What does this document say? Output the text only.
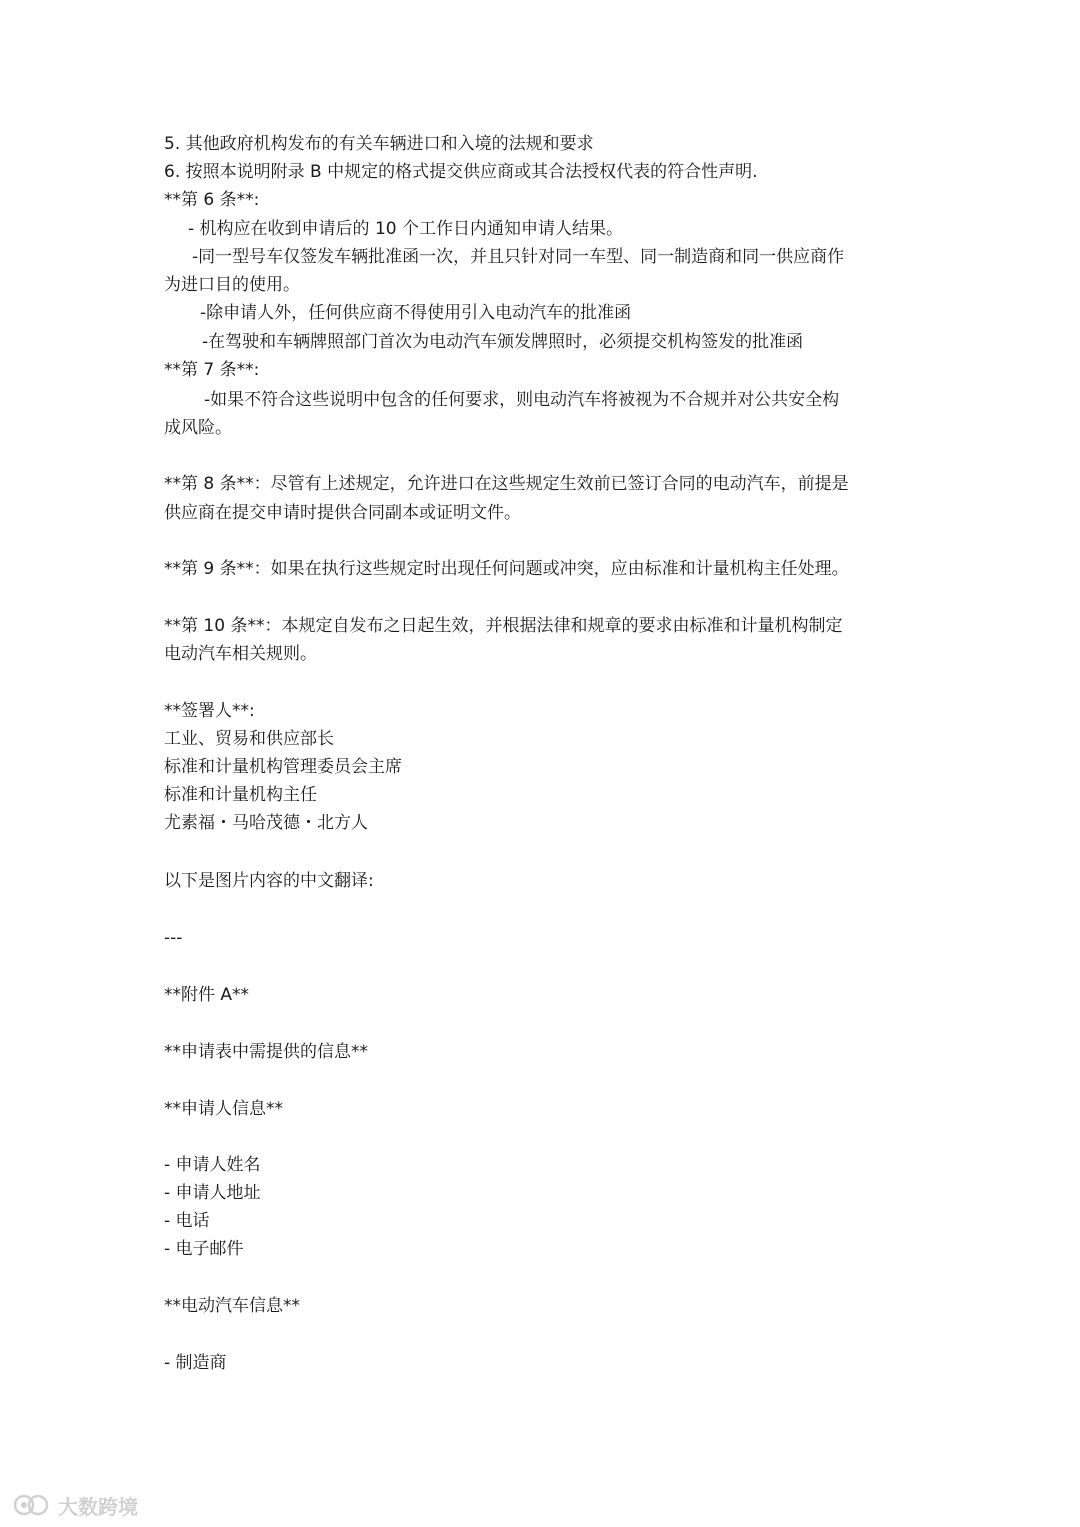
5. 其他政府机构发布的有关车辆进口和入境的法规和要求
6. 按照本说明附录 B 中规定的格式提交供应商或其合法授权代表的符合性声明.
**第 6 条**:
- 机构应在收到申请后的 10 个工作日内通知申请人结果。
-同一型号车仅签发车辆批准函一次，并且只针对同一车型、同一制造商和同一供应商作
为进口目的使用。
-除申请人外，任何供应商不得使用引入电动汽车的批准函
-在驾驶和车辆牌照部门首次为电动汽车颁发牌照时，必须提交机构签发的批准函
**第 7 条**:
-如果不符合这些说明中包含的任何要求，则电动汽车将被视为不合规并对公共安全构
成风险。
**第 8 条**：尽管有上述规定，允许进口在这些规定生效前已签订合同的电动汽车，前提是
供应商在提交申请时提供合同副本或证明文件。
**第 9 条**：如果在执行这些规定时出现任何问题或冲突，应由标准和计量机构主任处理。
**第 10 条**：本规定自发布之日起生效，并根据法律和规章的要求由标准和计量机构制定
电动汽车相关规则。
**签署人**:
工业、贸易和供应部长
标准和计量机构管理委员会主席
标准和计量机构主任
尤素福・马哈茂德・北方人
以下是图片内容的中文翻译:
---
**附件 A**
**申请表中需提供的信息**
**申请人信息**
- 申请人姓名
- 申请人地址
- 电话
- 电子邮件
**电动汽车信息**
- 制造商
大数跨境
